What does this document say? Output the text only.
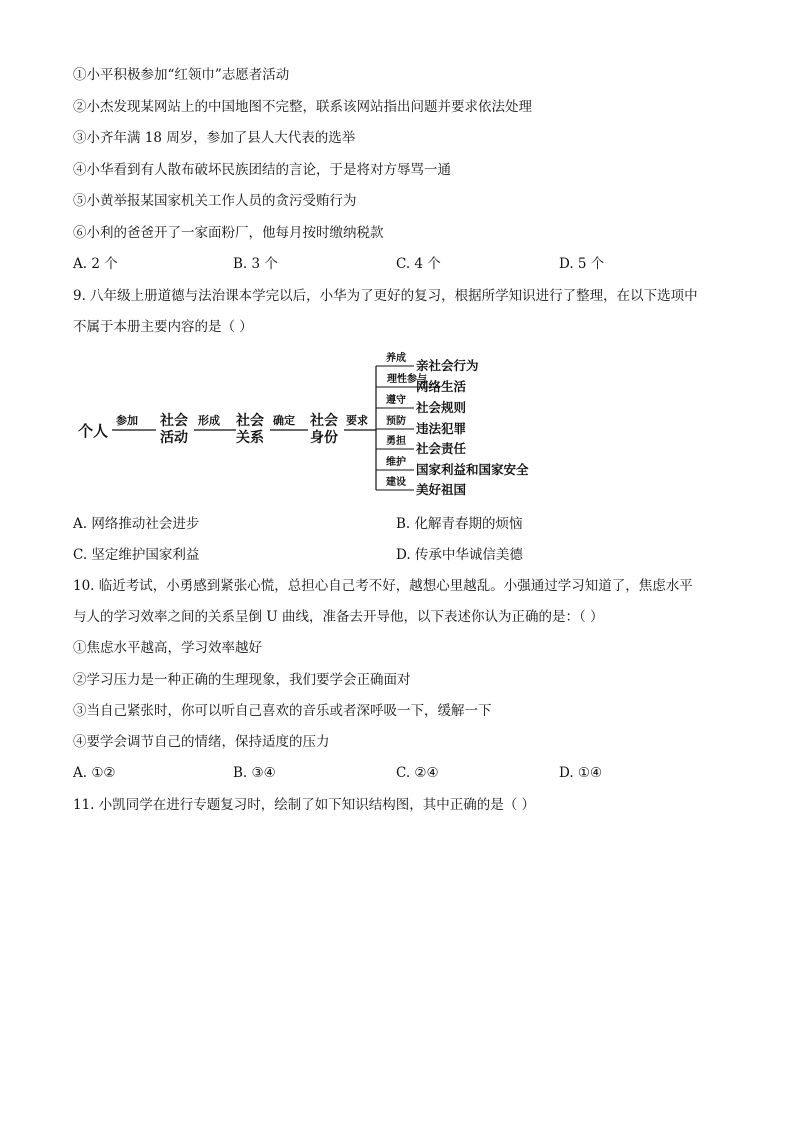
①小平积极参加“红领巾”志愿者活动
②小杰发现某网站上的中国地图不完整，联系该网站指出问题并要求依法处理
③小齐年满 18 周岁，参加了县人大代表的选举
④小华看到有人散布破坏民族团结的言论，于是将对方辱骂一通
⑤小黄举报某国家机关工作人员的贪污受贿行为
⑥小利的爸爸开了一家面粉厂，他每月按时缴纳税款
A. 2 个	B. 3 个	C. 4 个	D. 5 个
9. 八年级上册道德与法治课本学完以后，小华为了更好的复习，根据所学知识进行了整理，在以下选项中
不属于本册主要内容的是（ ）
个人
参加 社会
活动
形成 社会
关系
确定 社会
身份
要求
养成 亲社会行为
理性参与
网络生活
遵守 社会规则
预防 违法犯罪
勇担 社会责任
维护 国家利益和国家安全
建设 美好祖国
A. 网络推动社会进步	B. 化解青春期的烦恼
C. 坚定维护国家利益	D. 传承中华诚信美德
10. 临近考试，小勇感到紧张心慌，总担心自己考不好，越想心里越乱。小强通过学习知道了，焦虑水平
与人的学习效率之间的关系呈倒 U 曲线，准备去开导他，以下表述你认为正确的是：（ ）
①焦虑水平越高，学习效率越好
②学习压力是一种正确的生理现象，我们要学会正确面对
③当自己紧张时，你可以听自己喜欢的音乐或者深呼吸一下，缓解一下
④要学会调节自己的情绪，保持适度的压力
A. ①②	B. ③④	C. ②④	D. ①④
11. 小凯同学在进行专题复习时，绘制了如下知识结构图，其中正确的是（ ）
